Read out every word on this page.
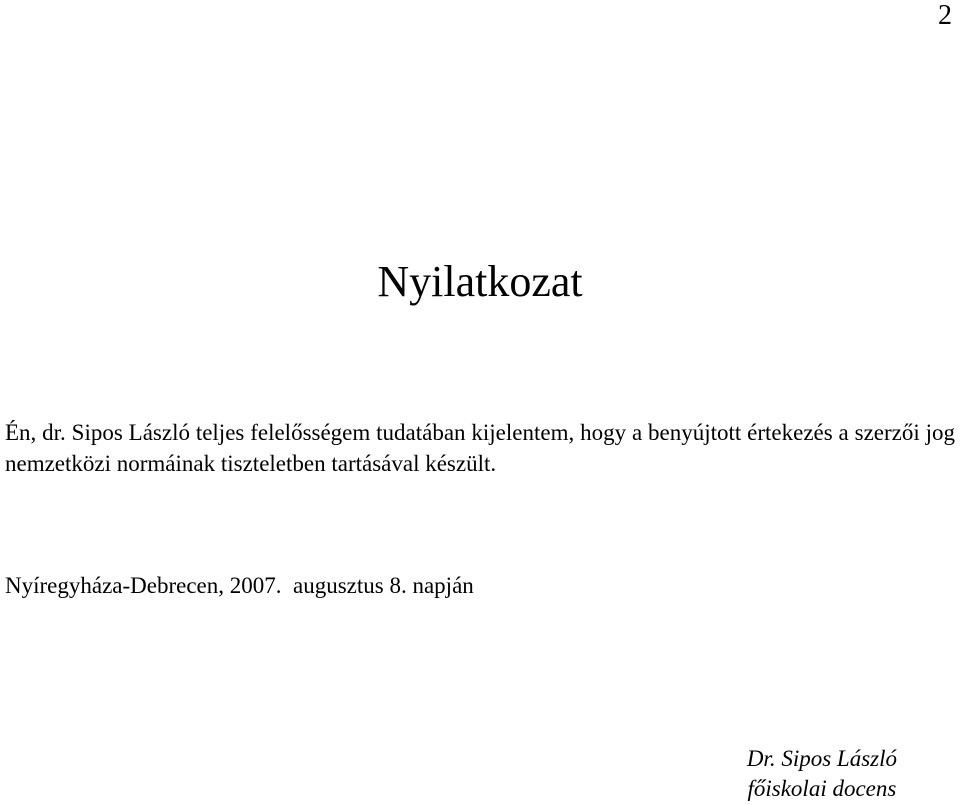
2
Nyilatkozat

Én, dr. Sipos László teljes felelősségem tudatában kijelentem, hogy a benyújtott értekezés a szerzői jog nemzetközi normáinak tiszteletben tartásával készült.

Nyíregyháza-Debrecen, 2007.  augusztus 8. napján

Dr. Sipos László
főiskolai docens
